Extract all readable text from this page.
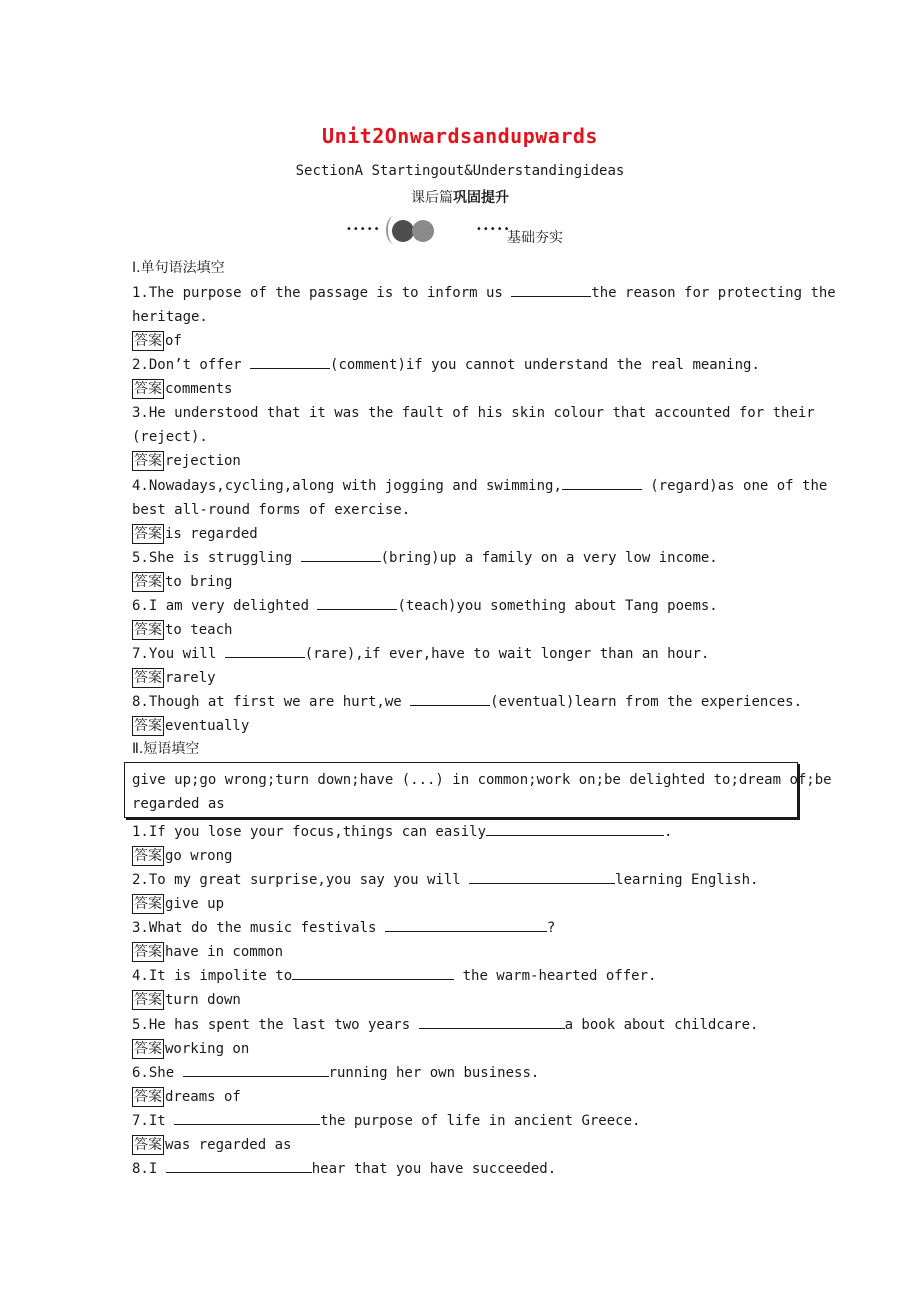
Unit2Onwardsandupwards
SectionA Startingout&Understandingideas
课后篇巩固提升
•••••	•••••
基础夯实
Ⅰ.单句语法填空
1.The purpose of the passage is to inform us	the reason for protecting the
heritage.
答案 of
2.Don’t offer	(comment)if you cannot understand the real meaning.
答案 comments
3.He understood that it was the fault of his skin colour that accounted for their
(reject).
答案 rejection
4.Nowadays,cycling,along with jogging and swimming,	(regard)as one of the
best all-round forms of exercise.
答案 is regarded
5.She is struggling	(bring)up a family on a very low income.
答案 to bring
6.I am very delighted	(teach)you something about Tang poems.
答案 to teach
7.You will	(rare),if ever,have to wait longer than an hour.
答案 rarely
8.Though at first we are hurt,we	(eventual)learn from the experiences.
答案 eventually
Ⅱ.短语填空
give up;go wrong;turn down;have (...) in common;work on;be delighted to;dream of;be
regarded as
1.If you lose your focus,things can easily	.
答案 go wrong
2.To my great surprise,you say you will	learning English.
答案 give up
3.What do the music festivals	?
答案 have in common
4.It is impolite to	the warm-hearted offer.
答案 turn down
5.He has spent the last two years	a book about childcare.
答案 working on
6.She	running her own business.
答案 dreams of
7.It	the purpose of life in ancient Greece.
答案 was regarded as
8.I	hear that you have succeeded.
